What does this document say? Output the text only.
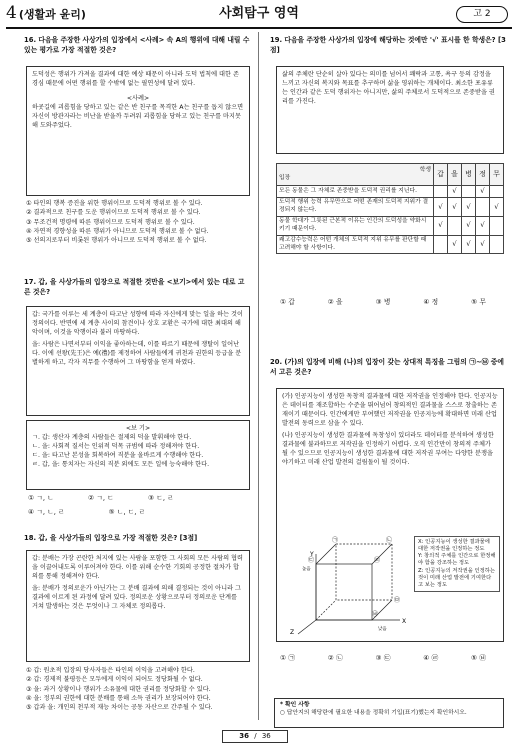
4 (생활과 윤리)	사회탐구 영역	고 2
16. 다음을 주장한 사상가의 입장에서 <사례> 속 A의 행위에 대해 내릴 수 있는 평가로 가장 적절한 것은?
도덕성은 행위가 가져올 결과에 대한 예상 때문이 아니라 도덕 법칙에 대한 존경심 때문에 어떤 행위를 할 수밖에 없는 필연성에 달려 있다.
<사례>
하굣길에 괴롭힘을 당하고 있는 같은 반 친구를 목격한 A는 친구를 돕지 않으면 자신이 방관자라는 비난을 받을까 두려워 괴롭힘을 당하고 있는 친구를 마지못해 도와주었다.
① 타인의 행복 증진을 위한 행위이므로 도덕적 행위로 볼 수 있다.
② 결과적으로 친구를 도운 행위이므로 도덕적 행위로 볼 수 있다.
③ 무조건적 명령에 따른 행위이므로 도덕적 행위로 볼 수 있다.
④ 자연적 경향성을 따른 행위가 아니므로 도덕적 행위로 볼 수 없다.
⑤ 선의지로부터 비롯된 행위가 아니므로 도덕적 행위로 볼 수 없다.
17. 갑, 을 사상가들의 입장으로 적절한 것만을 <보기>에서 있는 대로 고른 것은?
갑: 국가를 이루는 세 계층이 타고난 성향에 따라 자신에게 맞는 일을 하는 것이 정의이다. 반면에 세 계층 사이의 참견이나 상호 교환은 국가에 대한 최대의 해악이며, 이것을 악행이라 불러 마땅하다.
을: 사람은 나면서부터 이익을 좋아하는데, 이를 따르기 때문에 쟁탈이 일어난다. 이에 선왕(先王)은 예(禮)를 제정하여 사람들에게 귀천과 권한의 등급을 분별하게 하고, 각자 직무를 수행하여 그 마땅함을 얻게 하였다.
<보 기>
ㄱ. 갑: 생산자 계층의 사람들은 절제의 덕을 발휘해야 한다.
ㄴ. 을: 사회적 질서는 인위적 덕목 규범에 따라 정해져야 한다.
ㄷ. 을: 타고난 본성을 회복하여 직분을 올바르게 수행해야 한다.
ㄹ. 갑, 을: 통치자는 자신의 직분 외에도 모든 일에 능숙해야 한다.
① ㄱ, ㄴ	② ㄱ, ㄷ	③ ㄷ, ㄹ
④ ㄱ, ㄴ, ㄹ	⑤ ㄴ, ㄷ, ㄹ
18. 갑, 을 사상가들의 입장으로 가장 적절한 것은? [3점]
갑: 분배는 가장 곤란한 처지에 있는 사람을 포함한 그 사회의 모든 사람의 협력을 이끌어내도록 이루어져야 한다. 이를 위해 순수한 기회의 공정한 절차가 합의를 통해 정해져야 한다.
을: 분배가 정의로운가 아닌가는 그 분배 결과에 의해 결정되는 것이 아니라 그 결과에 이르게 된 과정에 달려 있다. 정의로운 상황으로부터 정의로운 단계를 거쳐 발생하는 것은 무엇이나 그 자체로 정의롭다.
① 갑: 원초적 입장의 당사자들은 타인의 이익을 고려해야 한다.
② 갑: 경제적 불평등은 모두에게 이익이 되어도 정당화될 수 없다.
③ 을: 과거 상황이나 행위가 소유물에 대한 권리를 정당화할 수 있다.
④ 을: 정부의 권한에 대한 분배를 통해 소득 권리가 보장되어야 한다.
⑤ 갑과 을: 개인의 천부적 재능 차이는 공동 자산으로 간주될 수 있다.
19. 다음을 주장한 사상가의 입장에 해당하는 것에만 '√' 표시를 한 학생은? [3점]
삶의 주체란 단순히 살아 있다는 의미를 넘어서 쾌락과 고통, 욕구 등의 감정을 느끼고 자신의 복지와 목표를 추구하며 삶을 영위하는 개체이다. 최소한 포유류는 인간과 같은 도덕 행위자는 아니지만, 삶의 주체로서 도덕적으로 존중받을 권리를 가진다.
학생
입장	갑	을	병	정	무
모든 동물은 그 자체로 존중받을 도덕적 권리를 지닌다.		√		√	
도덕적 행위 능력 유무만으로 어떤 존재의 도덕적 지위가 결정되지 않는다.	√	√	√		√
동물 학대가 그릇된 근본적 이유는 인간의 도덕성을 약화시키기 때문이다.	√		√	√	
쾌고감수능력은 어떤 개체의 도덕적 지위 유무를 판단할 때 고려해야 할 사항이다.		√	√	√	
① 갑	② 을	③ 병	④ 정	⑤ 무
20. (가)의 입장에 비해 (나)의 입장이 갖는 상대적 특징을 그림의 ㉠~㉥ 중에서 고른 것은?
(가) 인공지능이 생성한 독창적 결과물에 대한 저작권을 인정해야 한다. 인공지능은 데이터를 재조합하는 수준을 뛰어넘어 창의적인 결과물을 스스로 창출하는 존재이기 때문이다. 인간에게만 부여했던 저작권을 인공지능에 확대하면 미래 산업 발전의 동력으로 삼을 수 있다.
(나) 인공지능이 생성한 결과물에 독창성이 있더라도 데이터를 분석하여 생성한 결과물에 불과하므로 저작권을 인정하기 어렵다. 오직 인간만이 창의적 주체가 될 수 있으므로 인공지능이 생성한 결과물에 대한 저작권 부여는 다양한 분쟁을 야기하고 미래 산업 발전의 걸림돌이 될 것이다.
Y
X
Z
높음
낮음
㉠	㉡
㉢	㉣
㉤
㉥
X: 인공지능이 생성한 결과물에 대한 저작권을 인정하는 정도
Y: 창의적 주체를 인간으로 한정해야 함을 강조하는 정도
Z: 인공지능의 저작권을 인정하는 것이 미래 산업 발전에 기여한다고 보는 정도
① ㉠	② ㉡	③ ㉢	④ ㉣	⑤ ㉥
* 확인 사항
○ 답안지의 해당란에 필요한 내용을 정확히 기입(표기)했는지 확인하시오.
36 / 36
